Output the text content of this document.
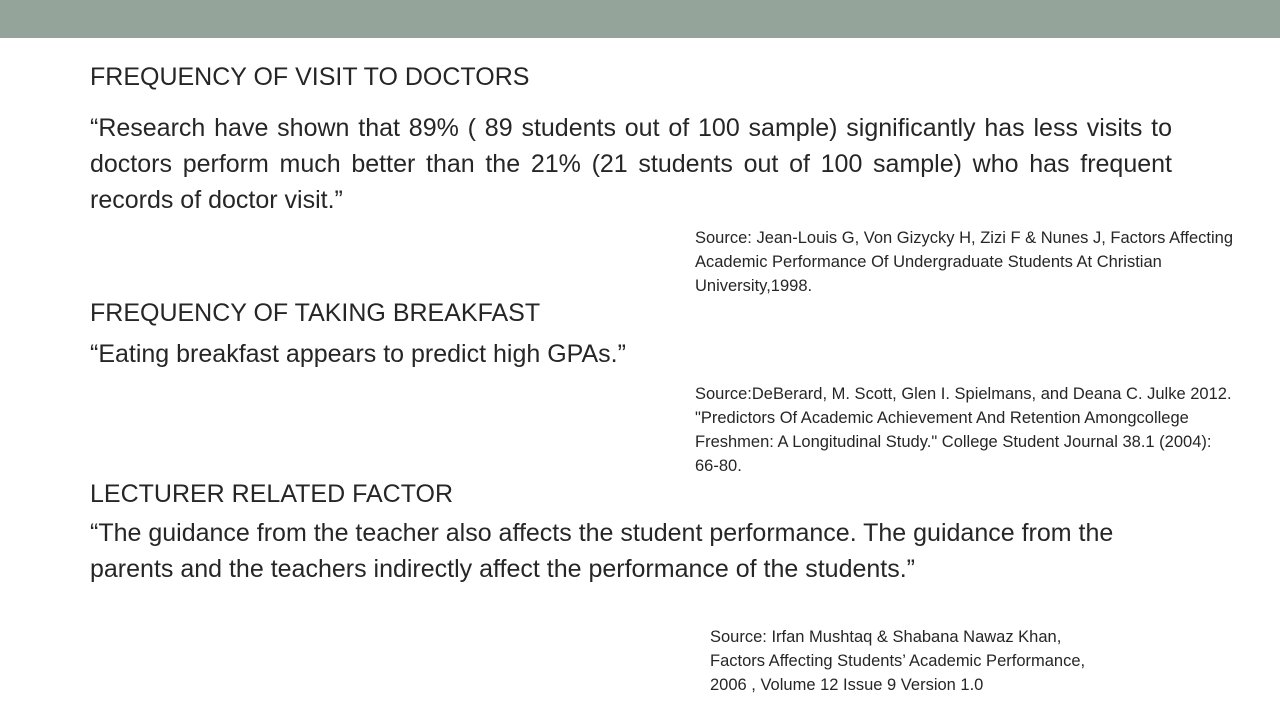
FREQUENCY OF VISIT TO DOCTORS
“Research have shown that 89% ( 89 students out of 100 sample) significantly has less visits to doctors perform much better than the 21% (21 students out of 100 sample) who has frequent records of doctor visit.”
Source: Jean-Louis G, Von Gizycky H, Zizi F & Nunes J, Factors Affecting Academic Performance Of Undergraduate Students At Christian University,1998.
FREQUENCY OF TAKING BREAKFAST
“Eating breakfast appears to predict high GPAs.”
Source:DeBerard, M. Scott, Glen I. Spielmans, and Deana C. Julke 2012. "Predictors Of Academic Achievement And Retention Amongcollege Freshmen: A Longitudinal Study." College Student Journal 38.1 (2004): 66-80.
LECTURER RELATED FACTOR
“The guidance from the teacher also affects the student performance. The guidance from the parents and the teachers indirectly affect the performance of the students.”
Source: Irfan Mushtaq & Shabana Nawaz Khan, Factors Affecting Students’ Academic Performance, 2006 , Volume 12 Issue 9 Version 1.0
